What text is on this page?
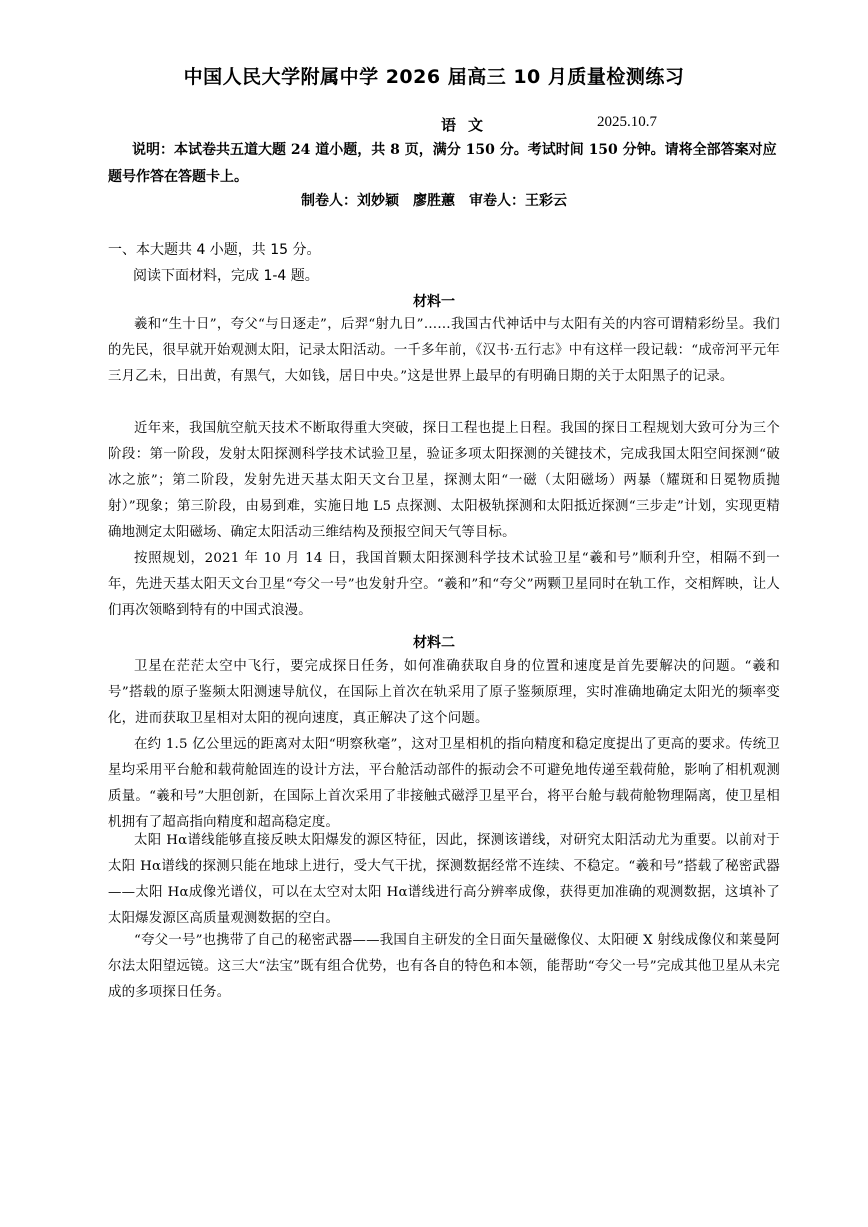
中国人民大学附属中学 2026 届高三 10 月质量检测练习
语文	2025.10.7
说明：本试卷共五道大题 24 道小题，共 8 页，满分 150 分。考试时间 150 分钟。请将全部答案对应题号作答在答题卡上。
制卷人：刘妙颖　廖胜蕙　审卷人：王彩云
一、本大题共 4 小题，共 15 分。
阅读下面材料，完成 1-4 题。
材料一
羲和“生十日”，夸父“与日逐走”，后羿“射九日”……我国古代神话中与太阳有关的内容可谓精彩纷呈。我们的先民，很早就开始观测太阳，记录太阳活动。一千多年前，《汉书·五行志》中有这样一段记载：“成帝河平元年三月乙未，日出黄，有黑气，大如钱，居日中央。”这是世界上最早的有明确日期的关于太阳黑子的记录。
近年来，我国航空航天技术不断取得重大突破，探日工程也提上日程。我国的探日工程规划大致可分为三个阶段：第一阶段，发射太阳探测科学技术试验卫星，验证多项太阳探测的关键技术，完成我国太阳空间探测“破冰之旅”；第二阶段，发射先进天基太阳天文台卫星，探测太阳“一磁（太阳磁场）两暴（耀斑和日冕物质抛射）”现象；第三阶段，由易到难，实施日地 L5 点探测、太阳极轨探测和太阳抵近探测“三步走”计划，实现更精确地测定太阳磁场、确定太阳活动三维结构及预报空间天气等目标。
按照规划，2021 年 10 月 14 日，我国首颗太阳探测科学技术试验卫星“羲和号”顺利升空，相隔不到一年，先进天基太阳天文台卫星“夸父一号”也发射升空。“羲和”和“夸父”两颗卫星同时在轨工作，交相辉映，让人们再次领略到特有的中国式浪漫。
材料二
卫星在茫茫太空中飞行，要完成探日任务，如何准确获取自身的位置和速度是首先要解决的问题。“羲和号”搭载的原子鉴频太阳测速导航仪，在国际上首次在轨采用了原子鉴频原理，实时准确地确定太阳光的频率变化，进而获取卫星相对太阳的视向速度，真正解决了这个问题。
在约 1.5 亿公里远的距离对太阳“明察秋毫”，这对卫星相机的指向精度和稳定度提出了更高的要求。传统卫星均采用平台舱和载荷舱固连的设计方法，平台舱活动部件的振动会不可避免地传递至载荷舱，影响了相机观测质量。“羲和号”大胆创新，在国际上首次采用了非接触式磁浮卫星平台，将平台舱与载荷舱物理隔离，使卫星相机拥有了超高指向精度和超高稳定度。
太阳 Hα谱线能够直接反映太阳爆发的源区特征，因此，探测该谱线，对研究太阳活动尤为重要。以前对于太阳 Hα谱线的探测只能在地球上进行，受大气干扰，探测数据经常不连续、不稳定。“羲和号”搭载了秘密武器——太阳 Hα成像光谱仪，可以在太空对太阳 Hα谱线进行高分辨率成像，获得更加准确的观测数据，这填补了太阳爆发源区高质量观测数据的空白。
“夸父一号”也携带了自己的秘密武器——我国自主研发的全日面矢量磁像仪、太阳硬 X 射线成像仪和莱曼阿尔法太阳望远镜。这三大“法宝”既有组合优势，也有各自的特色和本领，能帮助“夸父一号”完成其他卫星从未完成的多项探日任务。
